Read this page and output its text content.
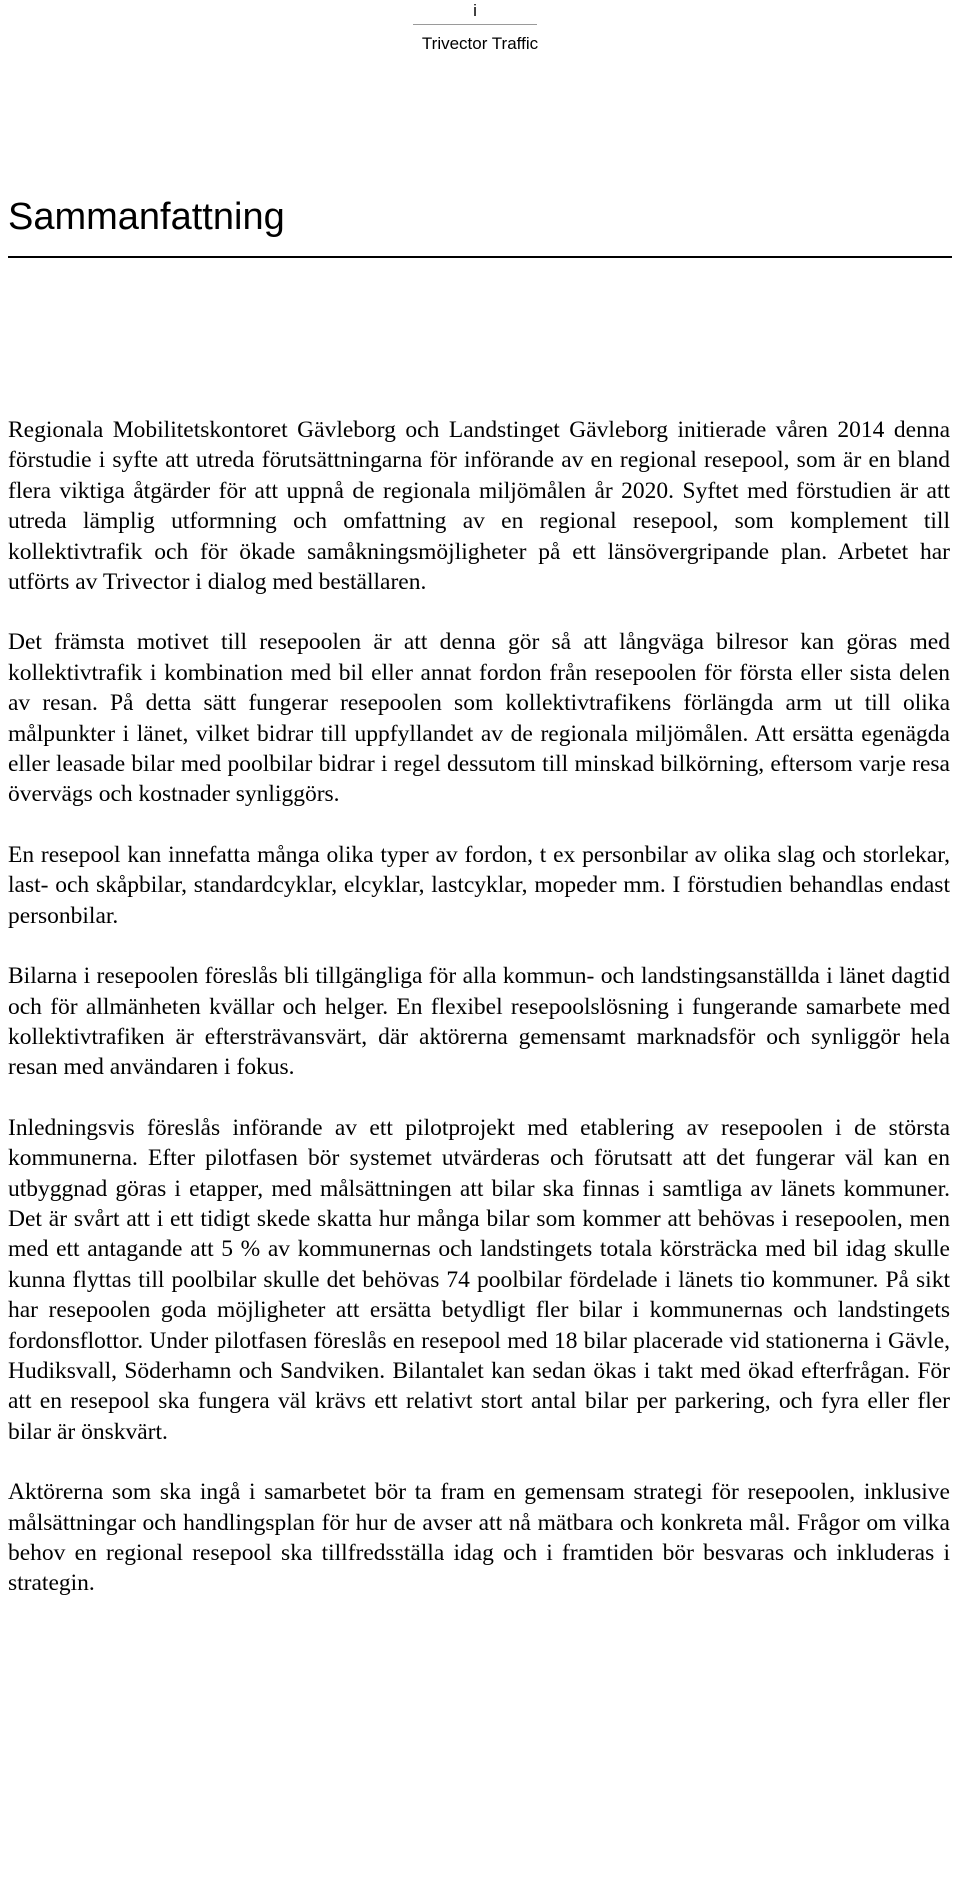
i
Trivector Traffic
Sammanfattning

Regionala Mobilitetskontoret Gävleborg och Landstinget Gävleborg initierade våren 2014 denna förstudie i syfte att utreda förutsättningarna för införande av en regional resepool, som är en bland flera viktiga åtgärder för att uppnå de regionala miljömålen år 2020. Syftet med förstudien är att utreda lämplig utformning och omfattning av en regional resepool, som komplement till kollektivtrafik och för ökade samåkningsmöjligheter på ett länsövergripande plan. Arbetet har utförts av Trivector i dialog med beställaren.

Det främsta motivet till resepoolen är att denna gör så att långväga bilresor kan göras med kollektivtrafik i kombination med bil eller annat fordon från resepoolen för första eller sista delen av resan. På detta sätt fungerar resepoolen som kollektivtrafikens förlängda arm ut till olika målpunkter i länet, vilket bidrar till uppfyllandet av de regionala miljömålen. Att ersätta egenägda eller leasade bilar med poolbilar bidrar i regel dessutom till minskad bilkörning, eftersom varje resa övervägs och kostnader synliggörs.

En resepool kan innefatta många olika typer av fordon, t ex personbilar av olika slag och storlekar, last- och skåpbilar, standardcyklar, elcyklar, lastcyklar, mopeder mm. I förstudien behandlas endast personbilar.

Bilarna i resepoolen föreslås bli tillgängliga för alla kommun- och landstingsanställda i länet dagtid och för allmänheten kvällar och helger. En flexibel resepoolslösning i fungerande samarbete med kollektivtrafiken är eftersträvansvärt, där aktörerna gemensamt marknadsför och synliggör hela resan med användaren i fokus.

Inledningsvis föreslås införande av ett pilotprojekt med etablering av resepoolen i de största kommunerna. Efter pilotfasen bör systemet utvärderas och förutsatt att det fungerar väl kan en utbyggnad göras i etapper, med målsättningen att bilar ska finnas i samtliga av länets kommuner. Det är svårt att i ett tidigt skede skatta hur många bilar som kommer att behövas i resepoolen, men med ett antagande att 5 % av kommunernas och landstingets totala körsträcka med bil idag skulle kunna flyttas till poolbilar skulle det behövas 74 poolbilar fördelade i länets tio kommuner. På sikt har resepoolen goda möjligheter att ersätta betydligt fler bilar i kommunernas och landstingets fordonsflottor. Under pilotfasen föreslås en resepool med 18 bilar placerade vid stationerna i Gävle, Hudiksvall, Söderhamn och Sandviken. Bilantalet kan sedan ökas i takt med ökad efterfrågan. För att en resepool ska fungera väl krävs ett relativt stort antal bilar per parkering, och fyra eller fler bilar är önskvärt.

Aktörerna som ska ingå i samarbetet bör ta fram en gemensam strategi för resepoolen, inklusive målsättningar och handlingsplan för hur de avser att nå mätbara och konkreta mål. Frågor om vilka behov en regional resepool ska tillfredsställa idag och i framtiden bör besvaras och inkluderas i strategin.
